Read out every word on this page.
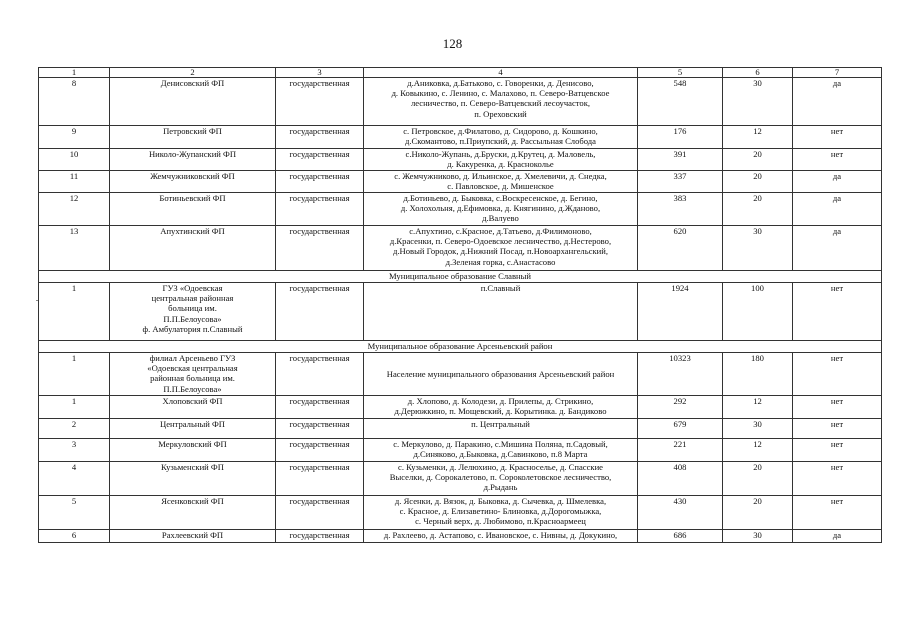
128
1	2	3	4	5	6	7
8	Денисовский ФП	государственная	д.Аниковка, д.Батьково, с. Говоренки, д. Денисово,
д. Ковыкино, с. Ленино, с. Малахово, п. Северо-Ватцевское
лесничество, п. Северо-Ватцевский лесоучасток,
п. Ореховский	548	30	да
9	Петровский ФП	государственная	с. Петровское, д.Филатово, д. Сидорово, д. Кошкино,
д.Скомантово, п.Приупский, д. Рассыльная Слобода	176	12	нет
10	Николо-Жупанский ФП	государственная	с.Николо-Жупань, д.Бруски, д.Крутец, д. Маловель,
д. Какуренка, д. Краснокольe	391	20	нет
11	Жемчужниковский ФП	государственная	с. Жемчужниково, д. Ильинское, д. Хмелевичи, д. Снедка,
с. Павловское, д. Мишенское	337	20	да
12	Ботиньевский ФП	государственная	д.Ботиньево, д. Быковка, с.Воскресенское, д. Бегино,
д. Холохольня, д.Ефимовка, д. Княгинино, д.Жданово,
д.Валуево	383	20	да
13	Апухтинский ФП	государственная	с.Апухтино, с.Красное, д.Татьево, д.Филимоново,
д.Красенки, п. Северо-Одоевское лесничество, д.Нестерово,
д.Новый Городок, д.Нижний Посад, п.Новоархангельский,
д.Зеленая горка, с.Анастасово	620	30	да
Муниципальное образование Славный						
1	ГУЗ «Одоевская
центральная районная
больница им.
П.П.Белоусова»
ф. Амбулатория п.Славный	государственная	п.Славный	1924	100	нет
Муниципальное образование Арсеньевский район						
1	филиал Арсеньево ГУЗ
«Одоевская центральная
районная больница им.
П.П.Белоусова»	государственная	Население муниципального образования Арсеньевский район	10323	180	нет
1	Хлоповский ФП	государственная	д. Хлопово, д. Колодези, д. Прилепы, д. Стрикино,
д.Дерюжкино, п. Мощевский, д. Корытинка. д. Бандиково	292	12	нет
2	Центральный ФП	государственная	п. Центральный	679	30	нет
3	Меркуловский ФП	государственная	с. Меркулово, д. Паракино, с.Мишина Поляна, п.Садовый,
д.Синяково, д.Быковка, д.Савинково, п.8 Марта	221	12	нет
4	Кузьменский ФП	государственная	с. Кузьменки, д. Лелюхино, д. Красноселье, д. Спасские
Выселки, д. Сорокалетово, п. Сороколетовское лесничество,
д.Рыдань	408	20	нет
5	Ясенковский ФП	государственная	д. Ясенки, д. Вязок, д. Быковка, д. Сычевка, д. Шмелевка,
с. Красное, д. Елизаветино- Блиновка, д.Дорогомыжка,
с. Черный верх, д. Любимово, п.Красноармеец	430	20	нет
6	Рахлеевский ФП	государственная	д. Рахлеево, д. Астапово, с. Ивановское, с. Нивны, д. Докукино,	686	30	да
